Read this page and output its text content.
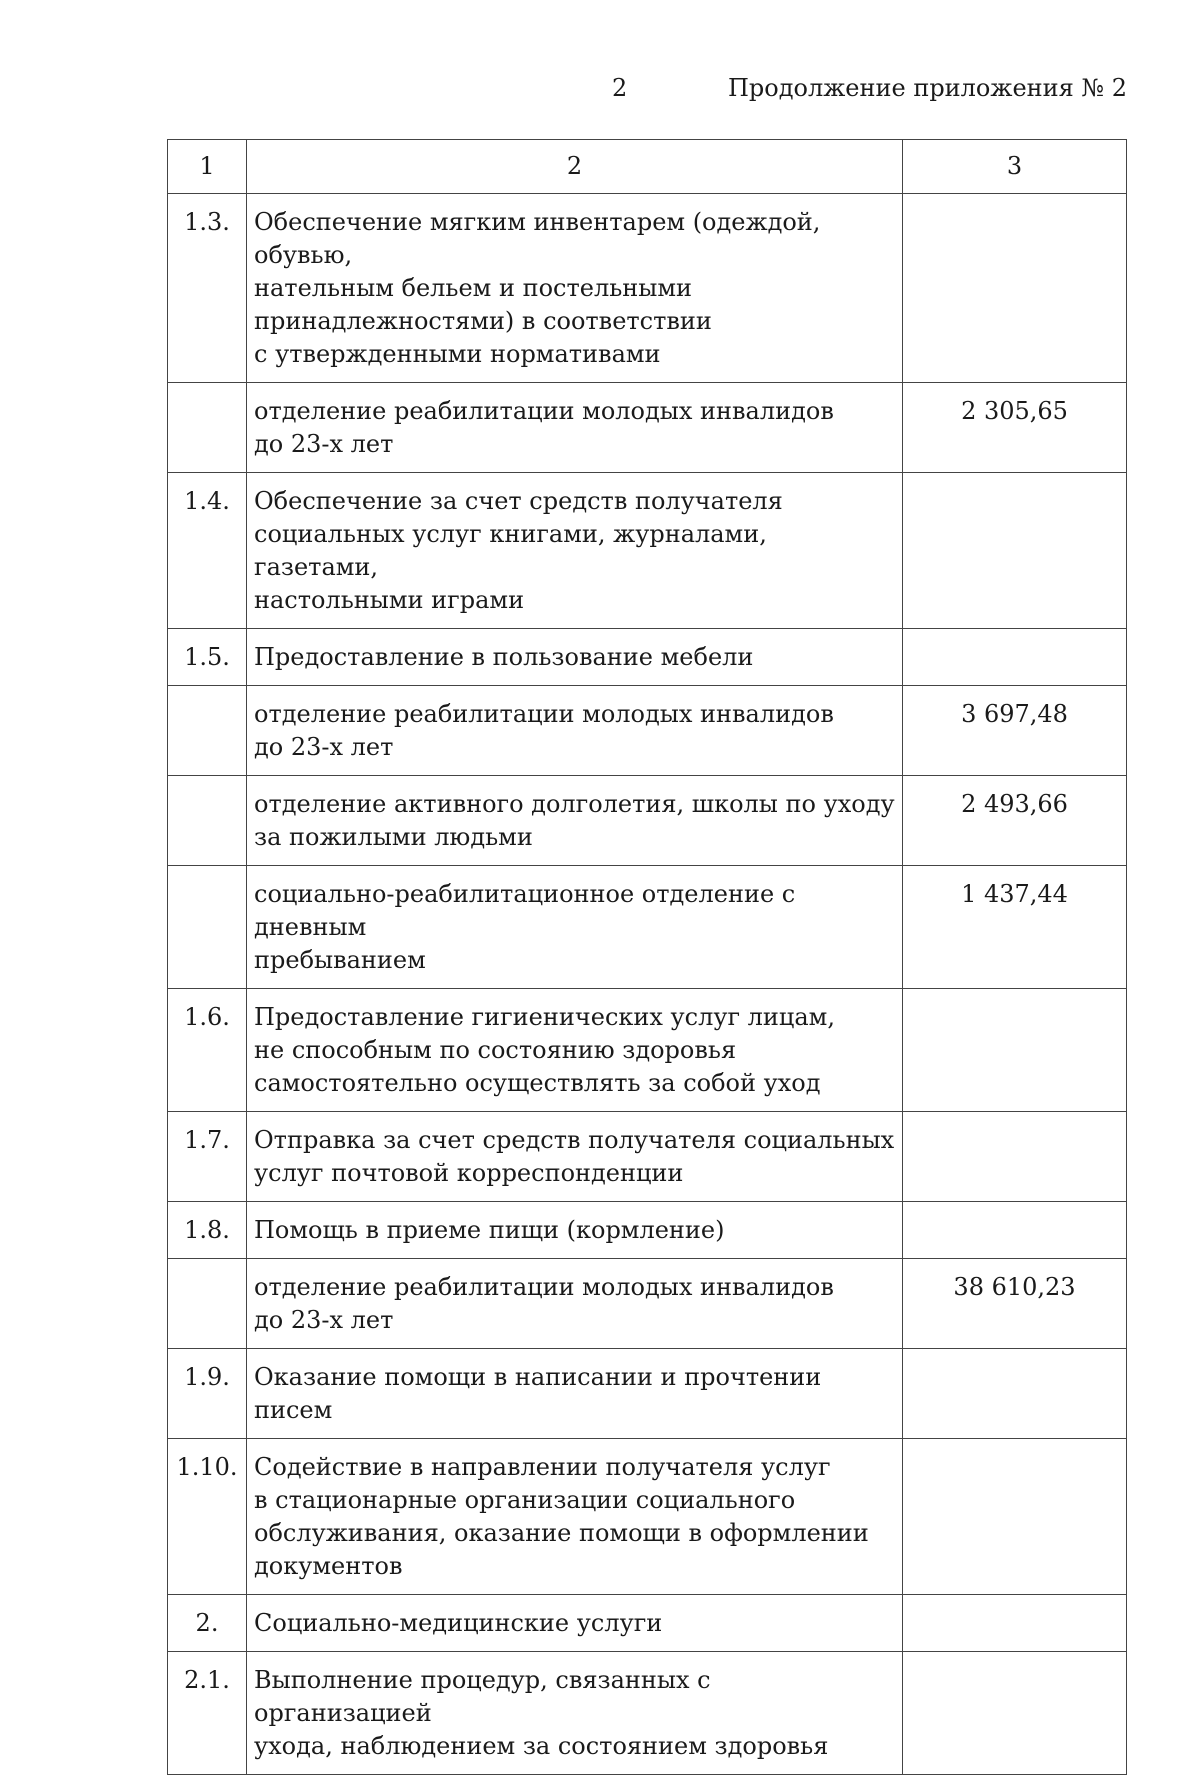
2	Продолжение приложения № 2
1	2	3
1.3.	Обеспечение мягким инвентарем (одеждой, обувью,
нательным бельем и постельными
принадлежностями) в соответствии
с утвержденными нормативами	
	отделение реабилитации молодых инвалидов
до 23-х лет	2 305,65
1.4.	Обеспечение за счет средств получателя
социальных услуг книгами, журналами, газетами,
настольными играми	
1.5.	Предоставление в пользование мебели	
	отделение реабилитации молодых инвалидов
до 23-х лет	3 697,48
	отделение активного долголетия, школы по уходу
за пожилыми людьми	2 493,66
	социально-реабилитационное отделение с дневным
пребыванием	1 437,44
1.6.	Предоставление гигиенических услуг лицам,
не способным по состоянию здоровья
самостоятельно осуществлять за собой уход	
1.7.	Отправка за счет средств получателя социальных
услуг почтовой корреспонденции	
1.8.	Помощь в приеме пищи (кормление)	
	отделение реабилитации молодых инвалидов
до 23-х лет	38 610,23
1.9.	Оказание помощи в написании и прочтении писем	
1.10.	Содействие в направлении получателя услуг
в стационарные организации социального
обслуживания, оказание помощи в оформлении
документов	
2.	Социально-медицинские услуги	
2.1.	Выполнение процедур, связанных с организацией
ухода, наблюдением за состоянием здоровья	
